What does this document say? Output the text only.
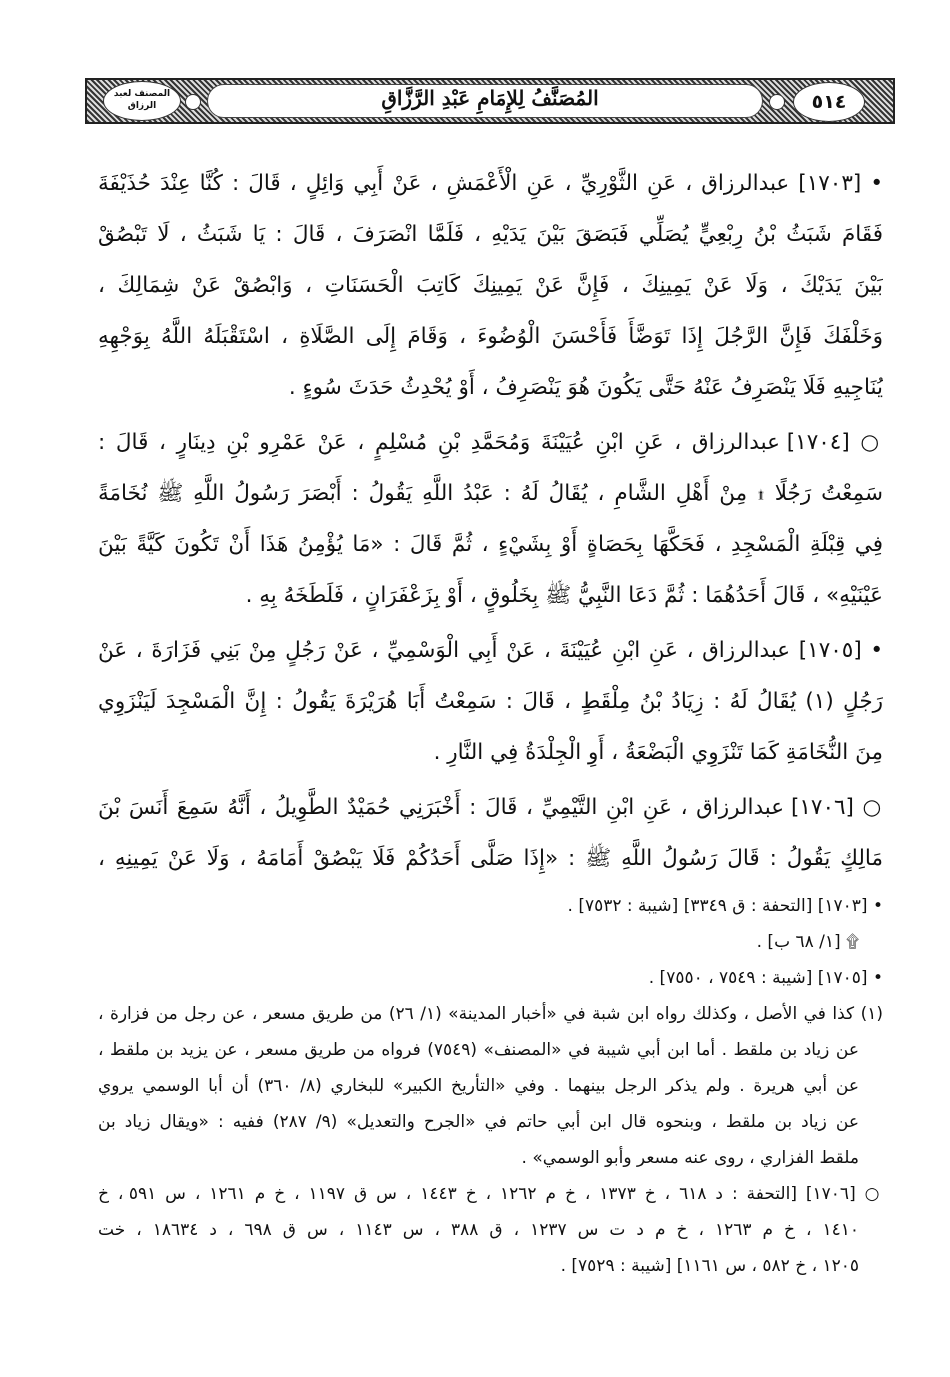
المصنف لعبد الرزاق	المُصَنَّفُ لِلإِمَامِ عَبْدِ الرَّزَّاقِ	٥١٤
• [١٧٠٣] عبدالرزاق ، عَنِ الثَّوْرِيِّ ، عَنِ الْأَعْمَشِ ، عَنْ أَبِي وَائِلٍ ، قَالَ : كُنَّا عِنْدَ حُذَيْفَةَ
فَقَامَ شَبَثُ بْنُ رِبْعِيٍّ يُصَلِّي فَبَصَقَ بَيْنَ يَدَيْهِ ، فَلَمَّا انْصَرَفَ ، قَالَ : يَا شَبَثُ ، لَا تَبْصُقْ
بَيْنَ يَدَيْكَ ، وَلَا عَنْ يَمِينِكَ ، فَإِنَّ عَنْ يَمِينِكَ كَاتِبَ الْحَسَنَاتِ ، وَابْصُقْ عَنْ شِمَالِكَ ،
وَخَلْفَكَ فَإِنَّ الرَّجُلَ إِذَا تَوَضَّأَ فَأَحْسَنَ الْوُضُوءَ ، وَقَامَ إِلَى الصَّلَاةِ ، اسْتَقْبَلَهُ اللَّهُ بِوَجْهِهِ
يُنَاجِيهِ فَلَا يَنْصَرِفُ عَنْهُ حَتَّى يَكُونَ هُوَ يَنْصَرِفُ ، أَوْ يُحْدِثُ حَدَثَ سُوءٍ .
○ [١٧٠٤] عبدالرزاق ، عَنِ ابْنِ عُيَيْنَةَ وَمُحَمَّدِ بْنِ مُسْلِمٍ ، عَنْ عَمْرِو بْنِ دِينَارٍ ، قَالَ :
سَمِعْتُ رَجُلًا ۩ مِنْ أَهْلِ الشَّامِ ، يُقَالُ لَهُ : عَبْدُ اللَّهِ يَقُولُ : أَبْصَرَ رَسُولُ اللَّهِ ﷺ نُخَامَةً
فِي قِبْلَةِ الْمَسْجِدِ ، فَحَكَّهَا بِحَصَاةٍ أَوْ بِشَيْءٍ ، ثُمَّ قَالَ : «مَا يُؤْمِنُ هَذَا أَنْ تَكُونَ كَيَّةً بَيْنَ
عَيْنَيْهِ» ، قَالَ أَحَدُهُمَا : ثُمَّ دَعَا النَّبِيُّ ﷺ بِخَلُوقٍ ، أَوْ بِزَعْفَرَانٍ ، فَلَطَخَهُ بِهِ .
• [١٧٠٥] عبدالرزاق ، عَنِ ابْنِ عُيَيْنَةَ ، عَنْ أَبِي الْوَسْمِيِّ ، عَنْ رَجُلٍ مِنْ بَنِي فَزَارَةَ ، عَنْ
رَجُلٍ (١) يُقَالُ لَهُ : زِيَادُ بْنُ مِلْقَطٍ ، قَالَ : سَمِعْتُ أَبَا هُرَيْرَةَ يَقُولُ : إِنَّ الْمَسْجِدَ لَيَنْزَوِي
مِنَ النُّخَامَةِ كَمَا تَنْزَوِي الْبَضْعَةُ ، أَوِ الْجِلْدَةُ فِي النَّارِ .
○ [١٧٠٦] عبدالرزاق ، عَنِ ابْنِ التَّيْمِيِّ ، قَالَ : أَخْبَرَنِي حُمَيْدٌ الطَّوِيلُ ، أَنَّهُ سَمِعَ أَنَسَ بْنَ
مَالِكٍ يَقُولُ : قَالَ رَسُولُ اللَّهِ ﷺ : «إِذَا صَلَّى أَحَدُكُمْ فَلَا يَبْصُقْ أَمَامَهُ ، وَلَا عَنْ يَمِينِهِ ،
• [١٧٠٣] [التحفة : ق ٣٣٤٩] [شيبة : ٧٥٣٢] .
۩ [١/ ٦٨ ب] .
• [١٧٠٥] [شيبة : ٧٥٤٩ ، ٧٥٥٠] .
(١) كذا في الأصل ، وكذلك رواه ابن شبة في «أخبار المدينة» (١/ ٢٦) من طريق مسعر ، عن رجل من فزارة ،
عن زياد بن ملقط . أما ابن أبي شيبة في «المصنف» (٧٥٤٩) فرواه من طريق مسعر ، عن يزيد بن ملقط ،
عن أبي هريرة . ولم يذكر الرجل بينهما . وفي «التأريخ الكبير» للبخاري (٨/ ٣٦٠) أن أبا الوسمي يروي
عن زياد بن ملقط ، وبنحوه قال ابن أبي حاتم في «الجرح والتعديل» (٩/ ٢٨٧) ففيه : «ويقال زياد بن
ملقط الفزاري ، روى عنه مسعر وأبو الوسمي» .
○ [١٧٠٦] [التحفة : د ٦١٨ ، خ ١٣٧٣ ، خ م ١٢٦٢ ، خ ١٤٤٣ ، س ق ١١٩٧ ، خ م ١٢٦١ ، س ٥٩١ ، خ
١٤١٠ ، خ م ١٢٦٣ ، خ م د ت س ١٢٣٧ ، ق ٣٨٨ ، س ١١٤٣ ، س ق ٦٩٨ ، د ١٨٦٣٤ ، خت
١٢٠٥ ، خ ٥٨٢ ، س ١١٦١] [شيبة : ٧٥٢٩] .
